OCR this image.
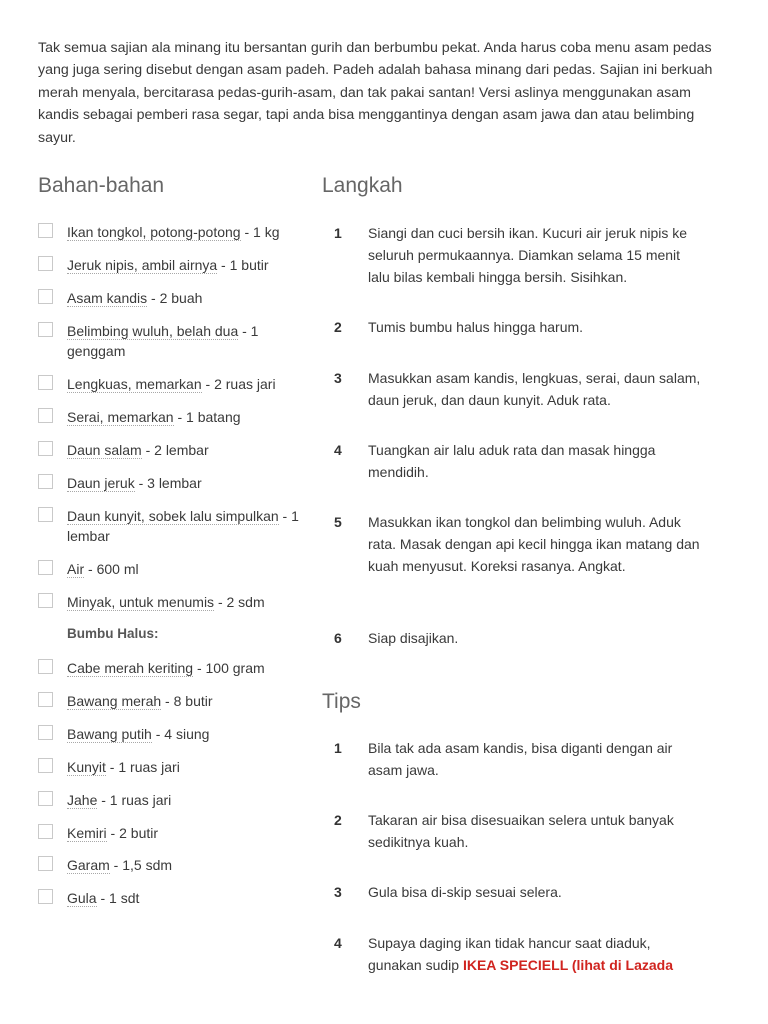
Tak semua sajian ala minang itu bersantan gurih dan berbumbu pekat. Anda harus coba menu asam pedas yang juga sering disebut dengan asam padeh. Padeh adalah bahasa minang dari pedas. Sajian ini berkuah merah menyala, bercitarasa pedas-gurih-asam, dan tak pakai santan! Versi aslinya menggunakan asam kandis sebagai pemberi rasa segar, tapi anda bisa menggantinya dengan asam jawa dan atau belimbing sayur.

Bahan-bahan	Langkah
Ikan tongkol, potong-potong - 1 kg
Jeruk nipis, ambil airnya - 1 butir
Asam kandis - 2 buah
Belimbing wuluh, belah dua - 1 genggam
Lengkuas, memarkan - 2 ruas jari
Serai, memarkan - 1 batang
Daun salam - 2 lembar
Daun jeruk - 3 lembar
Daun kunyit, sobek lalu simpulkan - 1 lembar
Air - 600 ml
Minyak, untuk menumis - 2 sdm
Bumbu Halus:
Cabe merah keriting - 100 gram
Bawang merah - 8 butir
Bawang putih - 4 siung
Kunyit - 1 ruas jari
Jahe - 1 ruas jari
Kemiri - 2 butir
Garam - 1,5 sdm
Gula - 1 sdt
1 Siangi dan cuci bersih ikan. Kucuri air jeruk nipis ke seluruh permukaannya. Diamkan selama 15 menit lalu bilas kembali hingga bersih. Sisihkan.
2 Tumis bumbu halus hingga harum.
3 Masukkan asam kandis, lengkuas, serai, daun salam, daun jeruk, dan daun kunyit. Aduk rata.
4 Tuangkan air lalu aduk rata dan masak hingga mendidih.
5 Masukkan ikan tongkol dan belimbing wuluh. Aduk rata. Masak dengan api kecil hingga ikan matang dan kuah menyusut. Koreksi rasanya. Angkat.
6 Siap disajikan.
Tips
1 Bila tak ada asam kandis, bisa diganti dengan air asam jawa.
2 Takaran air bisa disesuaikan selera untuk banyak sedikitnya kuah.
3 Gula bisa di-skip sesuai selera.
4 Supaya daging ikan tidak hancur saat diaduk, gunakan sudip IKEA SPECIELL (lihat di Lazada
